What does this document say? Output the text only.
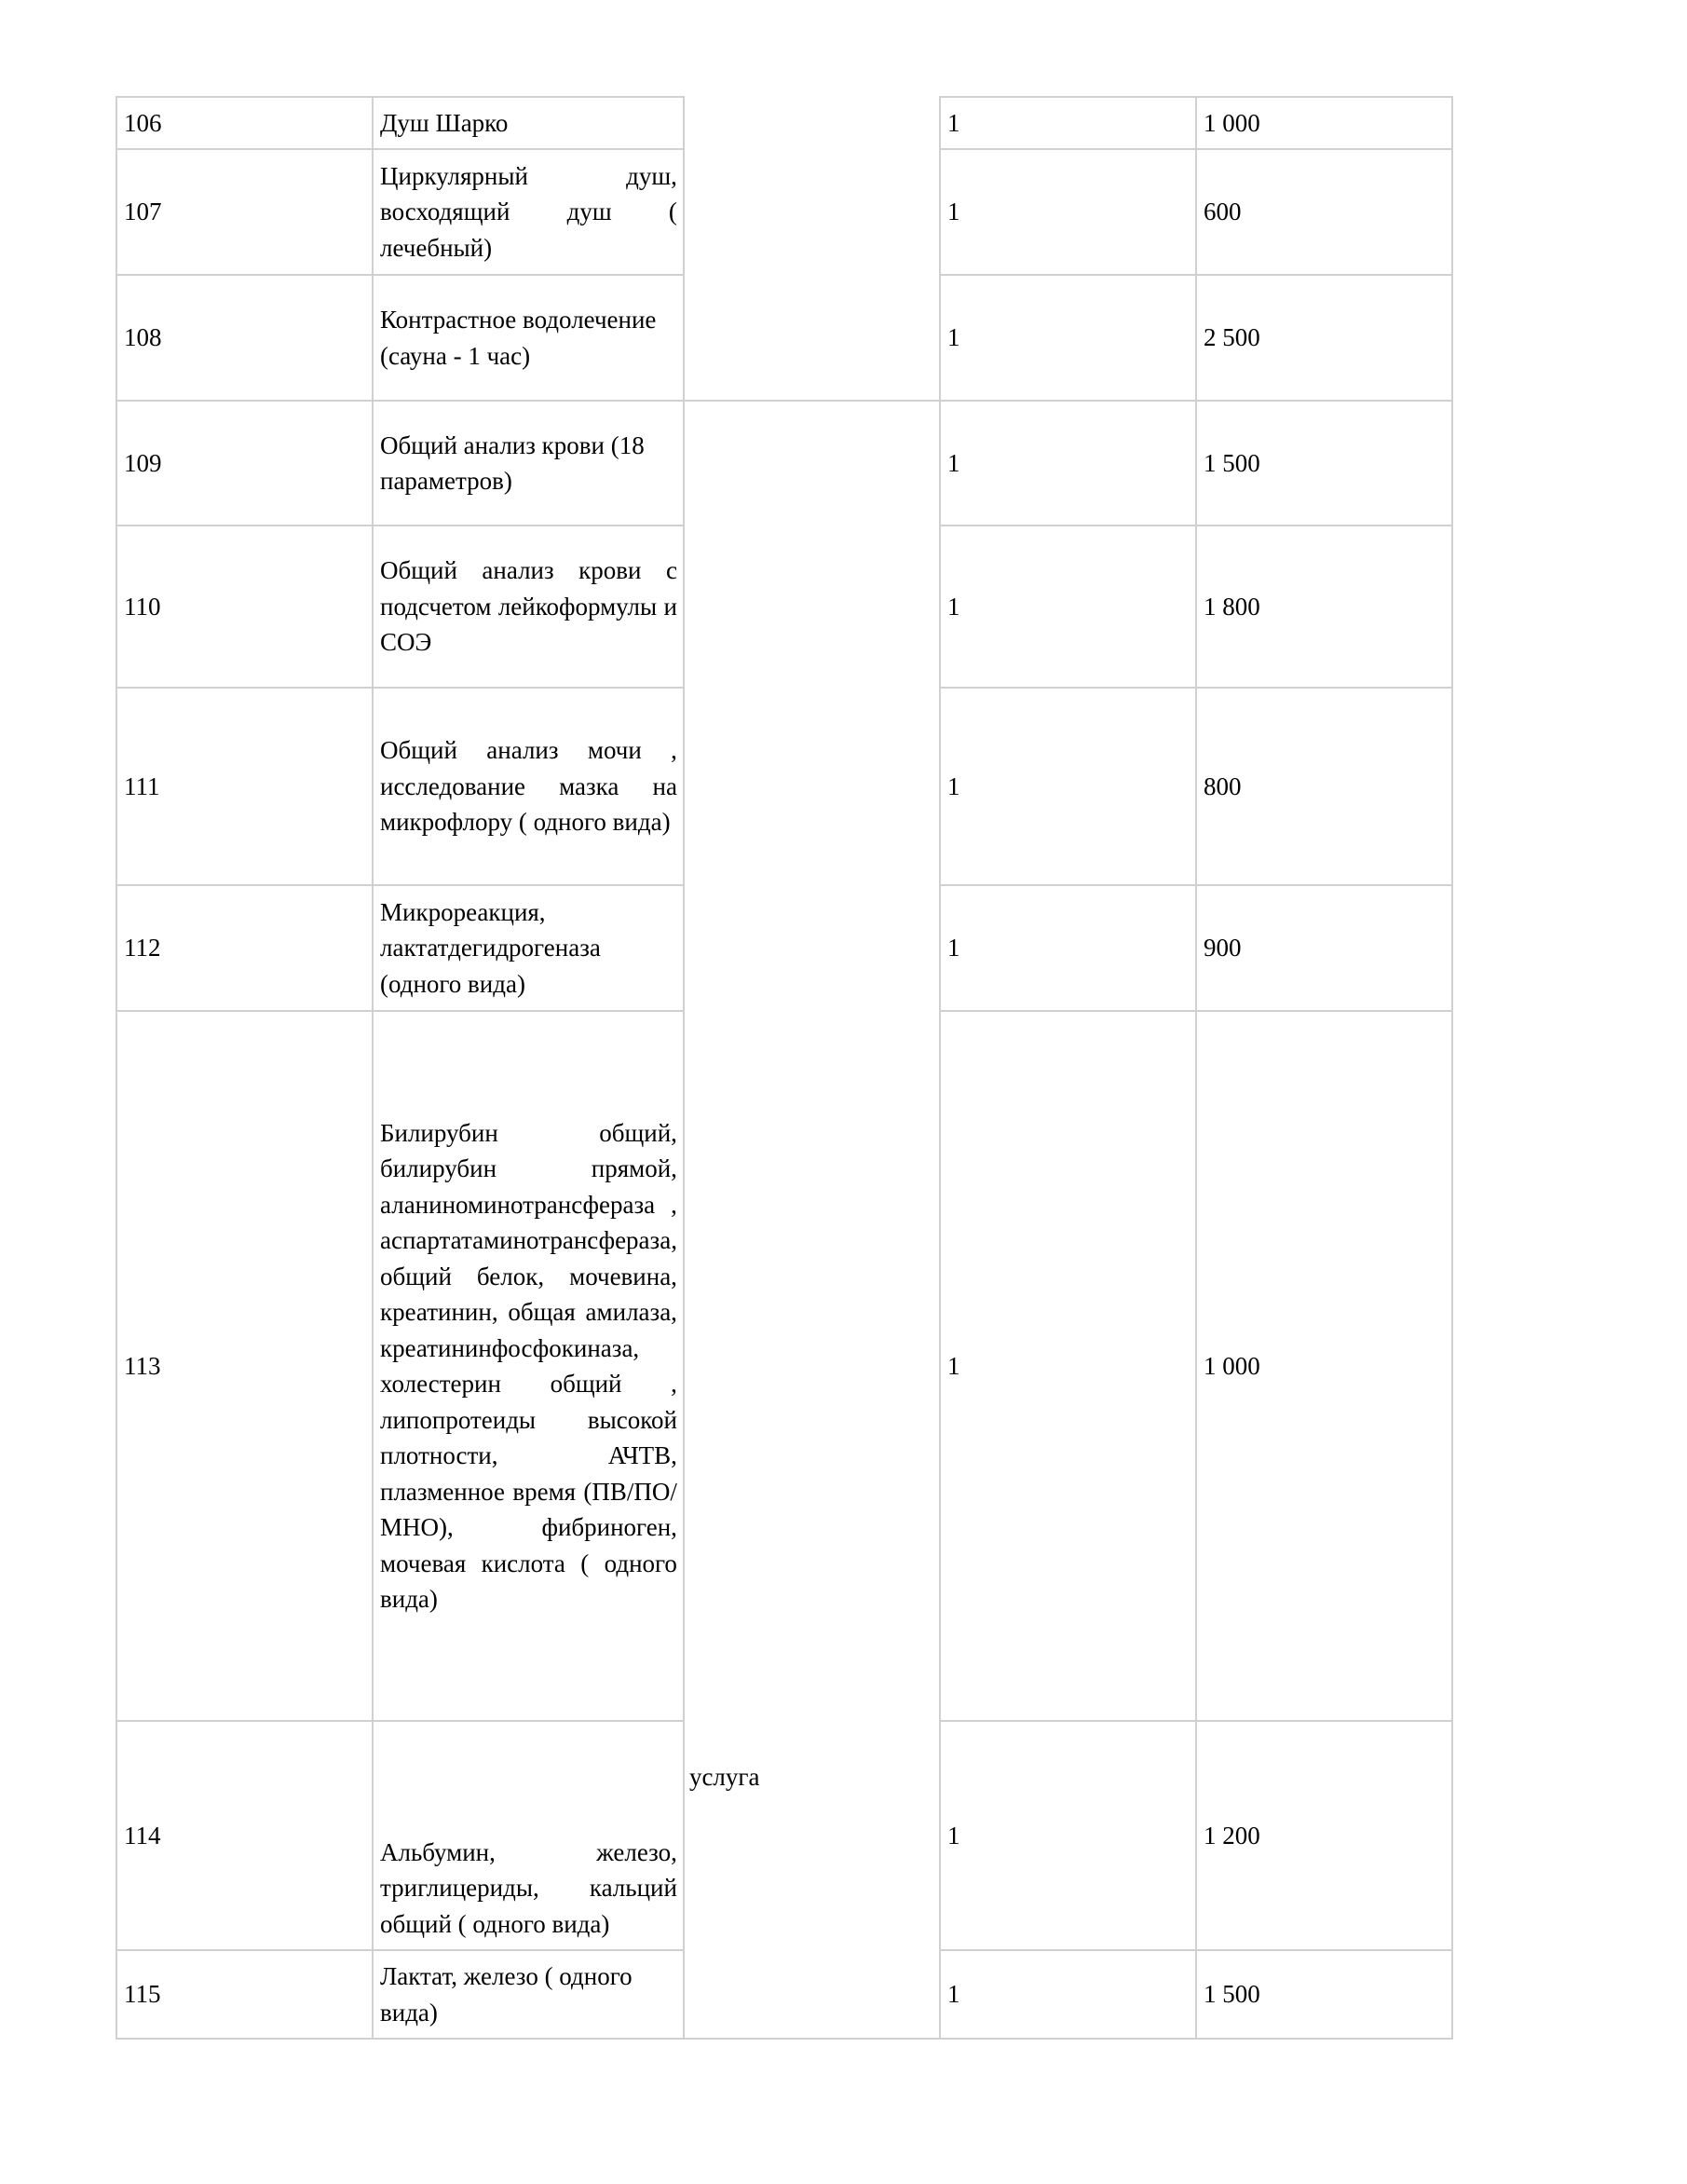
106	Душ Шарко		1	1 000
107	Циркулярный душ, восходящий душ ( лечебный)		1	600
108	Контрастное водолечение (сауна - 1 час)		1	2 500
109	Общий анализ крови (18 параметров)	услуга	1	1 500
110	Общий анализ крови с подсчетом лейкоформулы и СОЭ		1	1 800
111	Общий анализ мочи , исследование мазка на микрофлору ( одного вида)		1	800
112	Микрореакция, лактатдегидрогеназа (одного вида)		1	900
113	Билирубин общий, билирубин прямой, аланиноминотрансфераза , аспартатаминотрансфераза, общий белок, мочевина, креатинин, общая амилаза, креатининфосфокиназа, холестерин общий , липопротеиды высокой плотности, АЧТВ, плазменное время (ПВ/ПО/ МНО), фибриноген, мочевая кислота ( одного вида)		1	1 000
114	Альбумин, железо, триглицериды, кальций общий ( одного вида)		1	1 200
115	Лактат, железо ( одного вида)		1	1 500
